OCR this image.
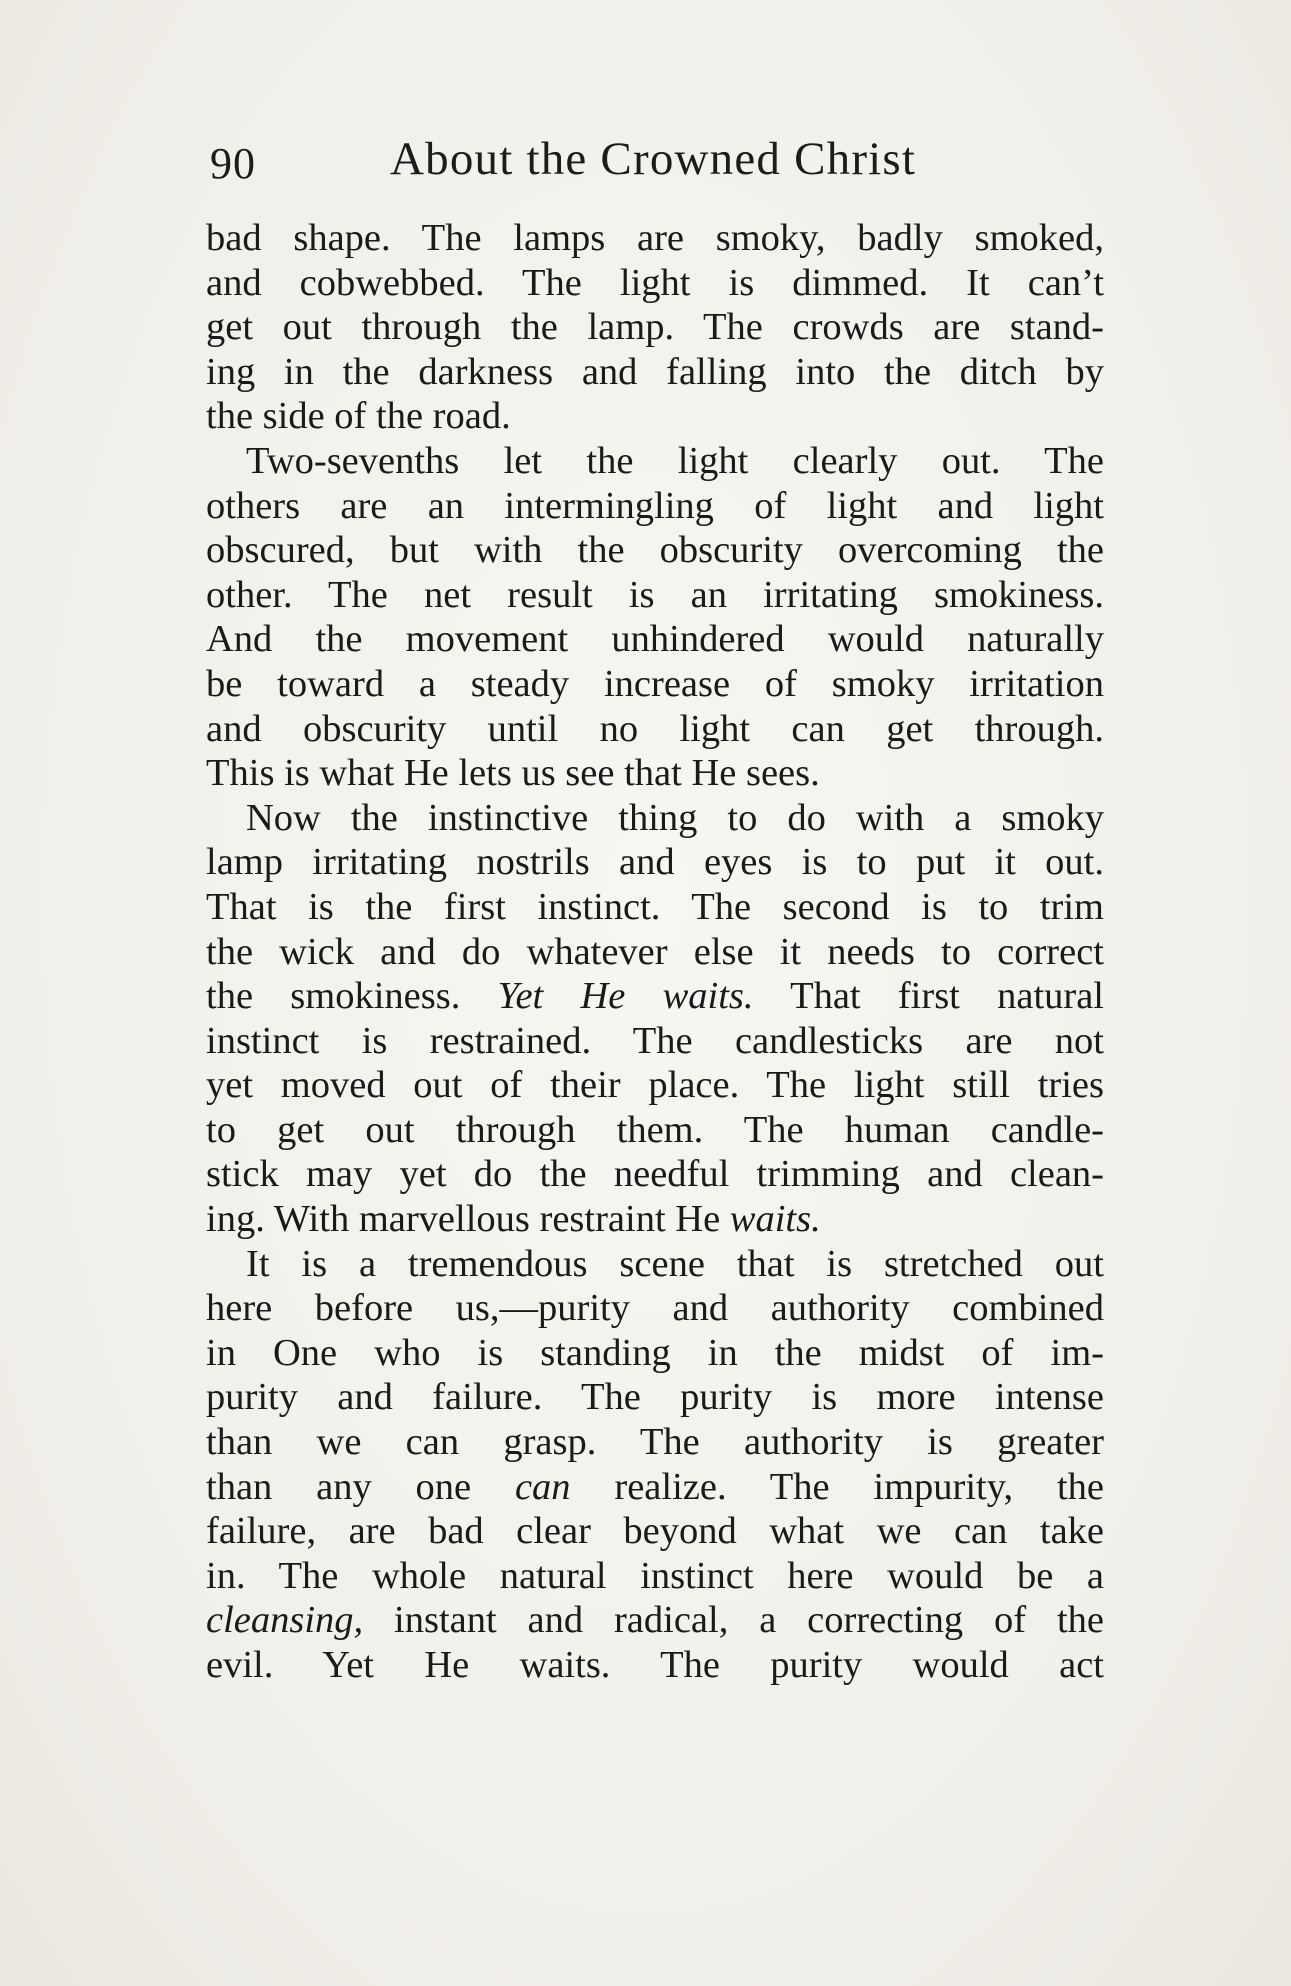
90	About the Crowned Christ
bad shape. The lamps are smoky, badly smoked,
and cobwebbed. The light is dimmed. It can’t
get out through the lamp. The crowds are stand-
ing in the darkness and falling into the ditch by
the side of the road.
Two-sevenths let the light clearly out. The
others are an intermingling of light and light
obscured, but with the obscurity overcoming the
other. The net result is an irritating smokiness.
And the movement unhindered would naturally
be toward a steady increase of smoky irritation
and obscurity until no light can get through.
This is what He lets us see that He sees.
Now the instinctive thing to do with a smoky
lamp irritating nostrils and eyes is to put it out.
That is the first instinct. The second is to trim
the wick and do whatever else it needs to correct
the smokiness. Yet He waits. That first natural
instinct is restrained. The candlesticks are not
yet moved out of their place. The light still tries
to get out through them. The human candle-
stick may yet do the needful trimming and clean-
ing. With marvellous restraint He waits.
It is a tremendous scene that is stretched out
here before us,—purity and authority combined
in One who is standing in the midst of im-
purity and failure. The purity is more intense
than we can grasp. The authority is greater
than any one can realize. The impurity, the
failure, are bad clear beyond what we can take
in. The whole natural instinct here would be a
cleansing, instant and radical, a correcting of the
evil. Yet He waits. The purity would act
